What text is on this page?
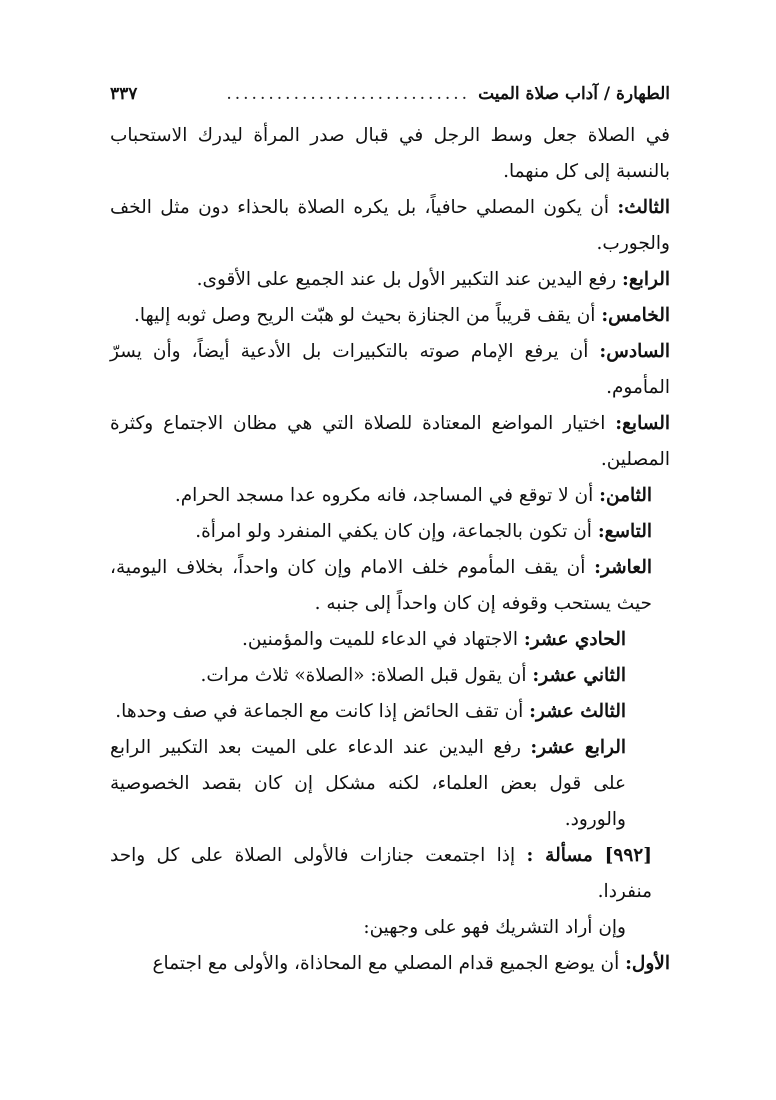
الطهارة / آداب صلاة الميت
.............................
٣٣٧

في الصلاة جعل وسط الرجل في قبال صدر المرأة ليدرك الاستحباب بالنسبة إلى كل منهما.

الثالث: أن يكون المصلي حافياً، بل يكره الصلاة بالحذاء دون مثل الخف والجورب.

الرابع: رفع اليدين عند التكبير الأول بل عند الجميع على الأقوى.

الخامس: أن يقف قريباً من الجنازة بحيث لو هبّت الريح وصل ثوبه إليها.

السادس: أن يرفع الإمام صوته بالتكبيرات بل الأدعية أيضاً، وأن يسرّ المأموم.

السابع: اختيار المواضع المعتادة للصلاة التي هي مظان الاجتماع وكثرة المصلين.

الثامن: أن لا توقع في المساجد، فانه مكروه عدا مسجد الحرام.

التاسع: أن تكون بالجماعة، وإن كان يكفي المنفرد ولو امرأة.

العاشر: أن يقف المأموم خلف الامام وإن كان واحداً، بخلاف اليومية، حيث يستحب وقوفه إن كان واحداً إلى جنبه .

الحادي عشر: الاجتهاد في الدعاء للميت والمؤمنين.

الثاني عشر: أن يقول قبل الصلاة: «الصلاة» ثلاث مرات.

الثالث عشر: أن تقف الحائض إذا كانت مع الجماعة في صف وحدها.

الرابع عشر: رفع اليدين عند الدعاء على الميت بعد التكبير الرابع على قول بعض العلماء، لكنه مشكل إن كان بقصد الخصوصية والورود.

[٩٩٢] مسألة : إذا اجتمعت جنازات فالأولى الصلاة على كل واحد منفردا.

وإن أراد التشريك فهو على وجهين:

الأول: أن يوضع الجميع قدام المصلي مع المحاذاة، والأولى مع اجتماع
